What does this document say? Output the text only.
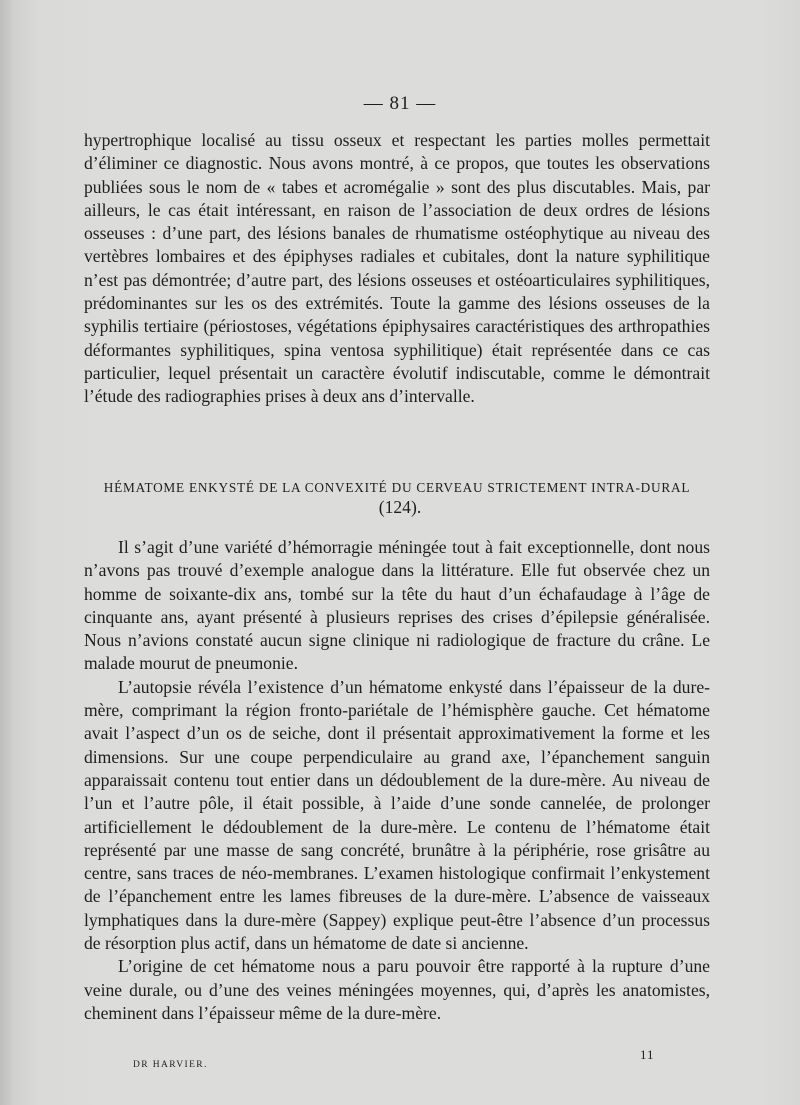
— 81 —

hypertrophique localisé au tissu osseux et respectant les parties molles permettait d’éliminer ce diagnostic. Nous avons montré, à ce propos, que toutes les observations publiées sous le nom de « tabes et acromégalie » sont des plus discutables. Mais, par ailleurs, le cas était intéressant, en raison de l’association de deux ordres de lésions osseuses : d’une part, des lésions banales de rhumatisme ostéophytique au niveau des vertèbres lombaires et des épiphyses radiales et cubitales, dont la nature syphilitique n’est pas démontrée; d’autre part, des lésions osseuses et ostéoarticulaires syphilitiques, prédominantes sur les os des extrémités. Toute la gamme des lésions osseuses de la syphilis tertiaire (périostoses, végétations épiphysaires caractéristiques des arthropathies déformantes syphilitiques, spina ventosa syphilitique) était représentée dans ce cas particulier, lequel présentait un caractère évolutif indiscutable, comme le démontrait l’étude des radiographies prises à deux ans d’intervalle.

HÉMATOME ENKYSTÉ DE LA CONVEXITÉ DU CERVEAU STRICTEMENT INTRA-DURAL
(124).

Il s’agit d’une variété d’hémorragie méningée tout à fait exceptionnelle, dont nous n’avons pas trouvé d’exemple analogue dans la littérature. Elle fut observée chez un homme de soixante-dix ans, tombé sur la tête du haut d’un échafaudage à l’âge de cinquante ans, ayant présenté à plusieurs reprises des crises d’épilepsie généralisée. Nous n’avions constaté aucun signe clinique ni radiologique de fracture du crâne. Le malade mourut de pneumonie.

L’autopsie révéla l’existence d’un hématome enkysté dans l’épaisseur de la dure-mère, comprimant la région fronto-pariétale de l’hémisphère gauche. Cet hématome avait l’aspect d’un os de seiche, dont il présentait approximativement la forme et les dimensions. Sur une coupe perpendiculaire au grand axe, l’épanchement sanguin apparaissait contenu tout entier dans un dédoublement de la dure-mère. Au niveau de l’un et l’autre pôle, il était possible, à l’aide d’une sonde cannelée, de prolonger artificiellement le dédoublement de la dure-mère. Le contenu de l’hématome était représenté par une masse de sang concrété, brunâtre à la périphérie, rose grisâtre au centre, sans traces de néo-membranes. L’examen histologique confirmait l’enkystement de l’épanchement entre les lames fibreuses de la dure-mère. L’absence de vaisseaux lymphatiques dans la dure-mère (Sappey) explique peut-être l’absence d’un processus de résorption plus actif, dans un hématome de date si ancienne.

L’origine de cet hématome nous a paru pouvoir être rapporté à la rupture d’une veine durale, ou d’une des veines méningées moyennes, qui, d’après les anatomistes, cheminent dans l’épaisseur même de la dure-mère.

DR HARVIER.
11
